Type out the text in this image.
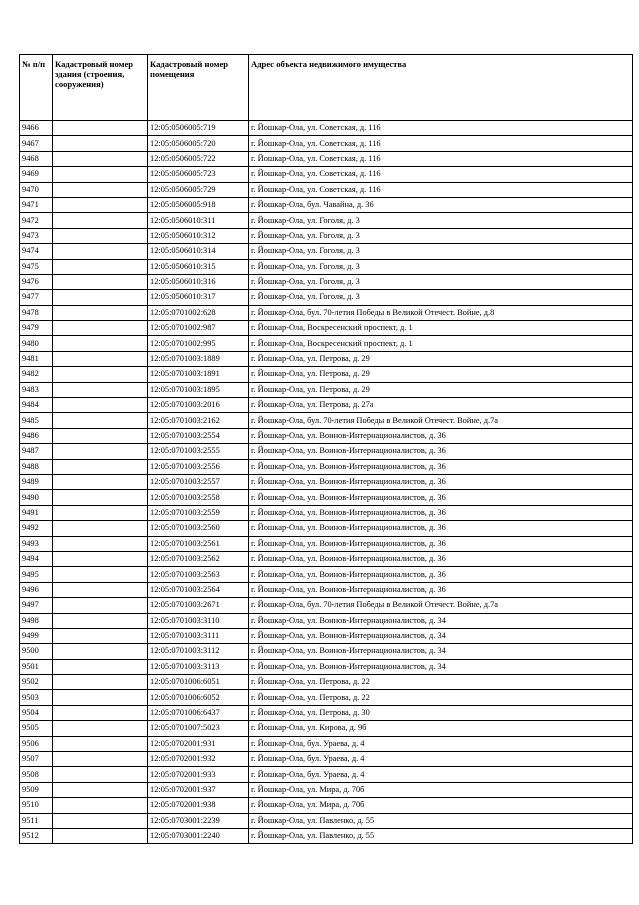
№ п/п	Кадастровый номер здания (строения, сооружения)	Кадастровый номер помещения	Адрес объекта недвижимого имущества
9466		12:05:0506005:719	г. Йошкар-Ола, ул. Советская, д. 116
9467		12:05:0506005:720	г. Йошкар-Ола, ул. Советская, д. 116
9468		12:05:0506005:722	г. Йошкар-Ола, ул. Советская, д. 116
9469		12:05:0506005:723	г. Йошкар-Ола, ул. Советская, д. 116
9470		12:05:0506005:729	г. Йошкар-Ола, ул. Советская, д. 116
9471		12:05:0506005:918	г. Йошкар-Ола, бул. Чавайна, д. 36
9472		12:05:0506010:311	г. Йошкар-Ола, ул. Гоголя, д. 3
9473		12:05:0506010:312	г. Йошкар-Ола, ул. Гоголя, д. 3
9474		12:05:0506010:314	г. Йошкар-Ола, ул. Гоголя, д. 3
9475		12:05:0506010:315	г. Йошкар-Ола, ул. Гоголя, д. 3
9476		12:05:0506010:316	г. Йошкар-Ола, ул. Гоголя, д. 3
9477		12:05:0506010:317	г. Йошкар-Ола, ул. Гоголя, д. 3
9478		12:05:0701002:628	г. Йошкар-Ола, бул. 70-летия Победы в Великой Отечест. Войне, д.8
9479		12:05:0701002:987	г. Йошкар-Ола, Воскресенский проспект, д. 1
9480		12:05:0701002:995	г. Йошкар-Ола, Воскресенский проспект, д. 1
9481		12:05:0701003:1889	г. Йошкар-Ола, ул. Петрова, д. 29
9482		12:05:0701003:1891	г. Йошкар-Ола, ул. Петрова, д. 29
9483		12:05:0701003:1895	г. Йошкар-Ола, ул. Петрова, д. 29
9484		12:05:0701003:2016	г. Йошкар-Ола, ул. Петрова, д. 27а
9485		12:05:0701003:2162	г. Йошкар-Ола, бул. 70-летия Победы в Великой Отечест. Войне, д.7а
9486		12:05:0701003:2554	г. Йошкар-Ола, ул. Воинов-Интернационалистов, д. 36
9487		12:05:0701003:2555	г. Йошкар-Ола, ул. Воинов-Интернационалистов, д. 36
9488		12:05:0701003:2556	г. Йошкар-Ола, ул. Воинов-Интернационалистов, д. 36
9489		12:05:0701003:2557	г. Йошкар-Ола, ул. Воинов-Интернационалистов, д. 36
9490		12:05:0701003:2558	г. Йошкар-Ола, ул. Воинов-Интернационалистов, д. 36
9491		12:05:0701003:2559	г. Йошкар-Ола, ул. Воинов-Интернационалистов, д. 36
9492		12:05:0701003:2560	г. Йошкар-Ола, ул. Воинов-Интернационалистов, д. 36
9493		12:05:0701003:2561	г. Йошкар-Ола, ул. Воинов-Интернационалистов, д. 36
9494		12:05:0701003:2562	г. Йошкар-Ола, ул. Воинов-Интернационалистов, д. 36
9495		12:05:0701003:2563	г. Йошкар-Ола, ул. Воинов-Интернационалистов, д. 36
9496		12:05:0701003:2564	г. Йошкар-Ола, ул. Воинов-Интернационалистов, д. 36
9497		12:05:0701003:2671	г. Йошкар-Ола, бул. 70-летия Победы в Великой Отечест. Войне, д.7а
9498		12:05:0701003:3110	г. Йошкар-Ола, ул. Воинов-Интернационалистов, д. 34
9499		12:05:0701003:3111	г. Йошкар-Ола, ул. Воинов-Интернационалистов, д. 34
9500		12:05:0701003:3112	г. Йошкар-Ола, ул. Воинов-Интернационалистов, д. 34
9501		12:05:0701003:3113	г. Йошкар-Ола, ул. Воинов-Интернационалистов, д. 34
9502		12:05:0701006:6051	г. Йошкар-Ола, ул. Петрова, д. 22
9503		12:05:0701006:6052	г. Йошкар-Ола, ул. Петрова, д. 22
9504		12:05:0701006:6437	г. Йошкар-Ола, ул. Петрова, д. 30
9505		12:05:0701007:5023	г. Йошкар-Ола, ул. Кирова, д. 9б
9506		12:05:0702001:931	г. Йошкар-Ола, бул. Ураева, д. 4
9507		12:05:0702001:932	г. Йошкар-Ола, бул. Ураева, д. 4
9508		12:05:0702001:933	г. Йошкар-Ола, бул. Ураева, д. 4
9509		12:05:0702001:937	г. Йошкар-Ола, ул. Мира, д. 70б
9510		12:05:0702001:938	г. Йошкар-Ола, ул. Мира, д. 70б
9511		12:05:0703001:2239	г. Йошкар-Ола, ул. Павленко, д. 55
9512		12:05:0703001:2240	г. Йошкар-Ола, ул. Павленко, д. 55
